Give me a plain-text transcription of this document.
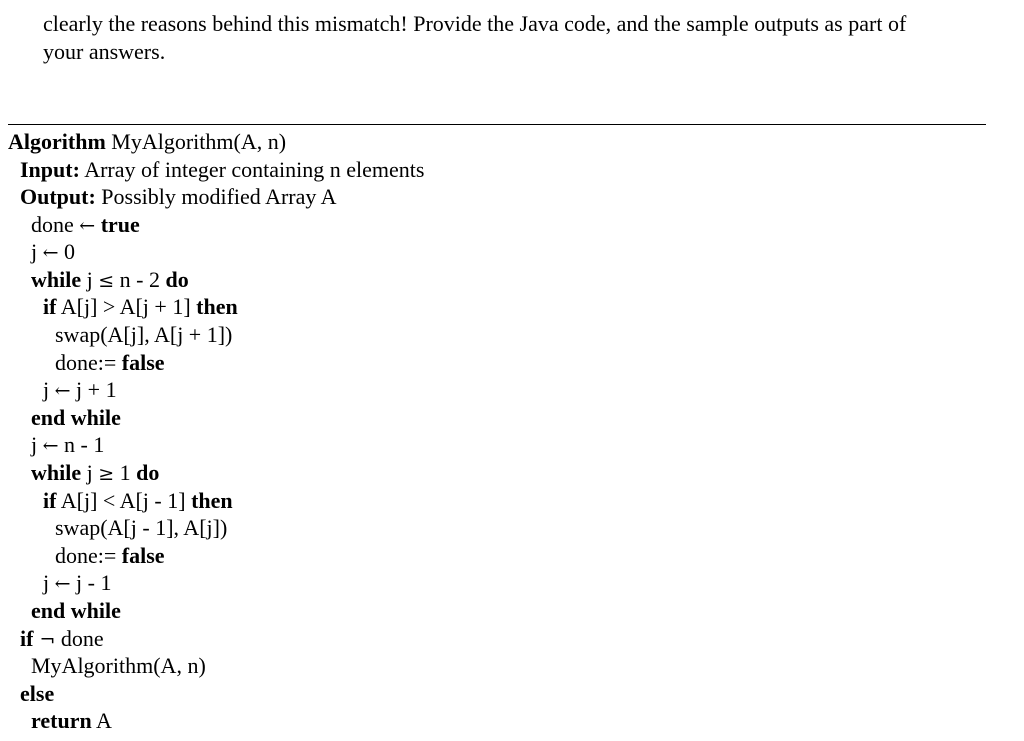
clearly the reasons behind this mismatch! Provide the Java code, and the sample outputs as part of
your answers.
Algorithm MyAlgorithm(A, n)
Input: Array of integer containing n elements
Output: Possibly modified Array A
done ← true
j ← 0
while j ≤ n - 2 do
if A[j] > A[j + 1] then
swap(A[j], A[j + 1])
done:= false
j ← j + 1
end while
j ← n - 1
while j ≥ 1 do
if A[j] < A[j - 1] then
swap(A[j - 1], A[j])
done:= false
j ← j - 1
end while
if ¬ done
MyAlgorithm(A, n)
else
return A
